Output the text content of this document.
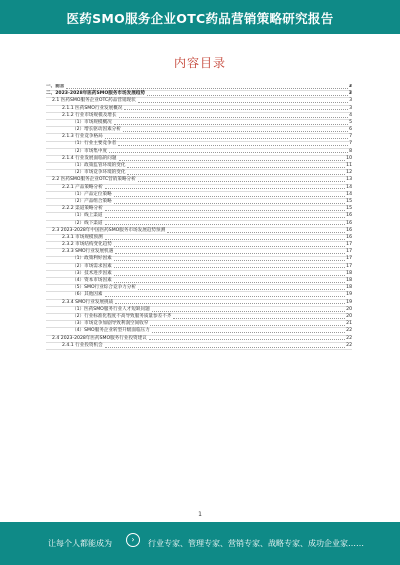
医药SMO服务企业OTC药品营销策略研究报告
内容目录
一、前言	3
二、2023-2028年医药SMO服务市场发展趋势	3
2.1 医药SMO服务企业OTC药品营销现状	3
2.1.1 医药SMO行业发展概况	3
2.1.2 行业市场规模及增长	4
（1）市场规模概况	5
（2）增长驱动因素分析	6
2.1.3 行业竞争格局	7
（1）行业主要竞争者	7
（2）市场集中度	8
2.1.4 行业发展面临的问题	10
（1）政策监管环境的变化	11
（2）市场竞争环境的变化	12
2.2 医药SMO服务企业OTC营销策略分析	13
2.2.1 产品策略分析	14
（1）产品定位策略	14
（2）产品组合策略	15
2.2.2 渠道策略分析	15
（1）线上渠道	16
（2）线下渠道	16
2.3 2023-2028年中国医药SMO服务市场发展趋势预测	16
2.3.1 市场规模预测	16
2.3.2 市场结构变化趋势	17
2.3.3 SMO行业发展机遇	17
（1）政策利好因素	17
（2）市场需求因素	17
（3）技术进步因素	18
（4）资本市场因素	18
（5）SMO行业综合竞争力分析	18
（6）其他因素	19
2.3.4 SMO行业发展挑战	19
（1）医药SMO服务行业人才短缺问题	20
（2）行业标准化程度不高导致服务质量参差不齐	20
（3）市场竞争加剧导致利润空间收窄	21
（4）SMO服务企业转型升级面临压力	22
2.4 2023-2028年医药SMO服务行业投资建议	22
2.4.1 行业投资机会	22
1
让每个人都能成为	›	行业专家、管理专家、营销专家、战略专家、成功企业家……
